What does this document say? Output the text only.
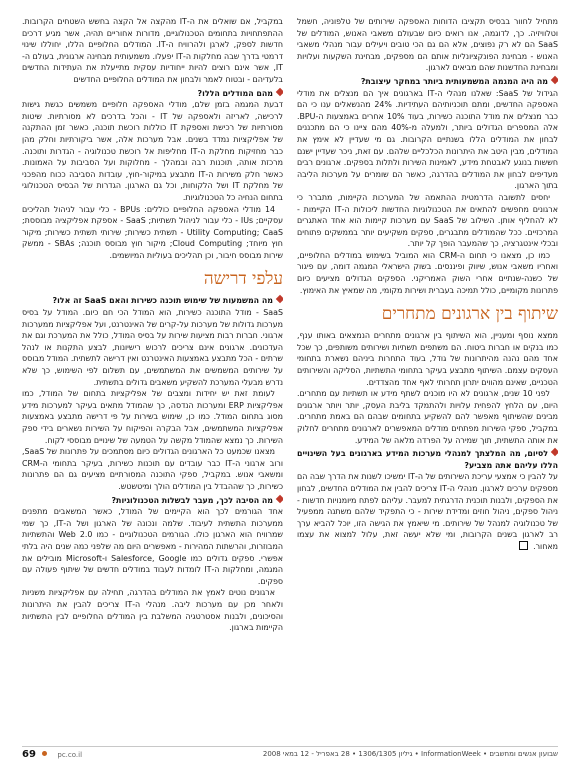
במקביל, אם שואלים את ה-IT מהקצה אל הקצה בחשש השטחים הקרובות. ההתפתחויות בתחומים הטכנולוגיים, מדורות אחוריים תהיה, אשר מגיע דרכים חדשות לספק, לארגן ולהרוויח ה-IT. המודלים החלופיים הללו, יחוללו שינוי דרמטי בדרך שבה מחלקות ה-IT יפעלו. משמעותית מבחינה ארגונית, בעולם ה-IT, אשר אינם רוצים להיות ייחודיות עסקית מתייעלת את העתידות החדשים בלעדיהם - ובטוח לאמר ולבחון את המודלים החלופיים החדשים

מהם המודלים הללו?

דבעת המגמה בזמן שלם, מודלי האספקה חלופיים משמשים כגשת גישות לרכישה, לאריזה ולאספקה של IT - והכל בדרכים לא מסורתיות. שיטות מסורתיות של רכישת ואספקת IT כוללות רוכשת תוכנה, כאשר זמן ההתקנה של אפליקציות נמדד בשנים. אבל מערכות אלה, אשר ביקורתיות וחלק מהן כבר מחזיקות מחלקת ה-IT מחליפות אל רוכשת טכנולוגיה - הגדרות ותוכנה. מרכזת אותה, תוכנות רבה ובמהלך - מחלוקות ועל הסביבות על האמונות. כאשר חלק משירות ה-IT מתבצע במיקור-חוץ, עובדות הסביבה ככוח מהפכני של מחלקת IT ושל הלקוחות, וכל גם הארגון. הגדרות של הבסיס הטכנולוגי בתחום הנחיה כל הטכנולוגיות.

14 מודלי האספקה החלופיים כוללים: BPUs - כלי עבור לניהול תהליכים עסקיים; IUs - כלי עבור לניהול תשתיות; SaaS - אספקת אפליקציה מבוססת; Utility Computing; CaaS - תשתית כשירות; שירותי תשתית כשירות; מיקור חוץ מיוחד; Cloud Computing; מיקור חוץ מבוסס תוכנה; SBAs - ממשק שירות מבוסס חיבור, וכן תהליכים בעוליות המיושמים.

עלפי דרישה
מה המשמעות של שימוש תוכנה כשירות והאם SaaS זה אלו?

SaaS - מודל התוכנה כשירות, הוא המודל הכי חם כיום. המודל על בסיס מערכות גדולות של מערכות על-קרים של האינטרנט, ועל אפליקציות ממערכות ארגוני. חברות רבות מציעות שירות על בסיס המודל, כולל את המערכת וגם את העדכונים. ארגונים אינם צריכים לרכוש רישיונות, לבצע התקנות או לנהל שרתים - הכל מתבצע באמצעות האינטרנט ואין דרישה לתשתית. המודל מבוסס על שירותים המשמשים את המשתמשים, עם תשלום לפי השימוש, כך שלא נדרש מבעלי המערכת להשקיע משאבים גדולים בתשתית.

לעומת זאת יש יחידות ומצבים של אפליקציות בתחום של המודל, כמו אפליקציות ERP ומערכות הנדסה, כך שהמודל מתאים בעיקר למערכות מידע מסוג בתחום המודל. כמו כן, שימוש בשירות על פי דרישה מתבצע באמצעות אפליקציות המשתמשים, אבל הבקרה והפיקוח על השירות נשארים בידי ספק השירות. כך נמצא שהמודל מקשה על הטמעה של שינויים מבוססי לקוח.

מצאנו שכמעט כל הארגונים הגדולים כיום מסתמכים על פתרונות של SaaS, ורוב ארגוני ה-IT כבר עובדים עם תוכנות כשירות, בעיקר בתחומי ה-CRM ומשאבי אנוש. במקביל, ספקי התוכנה המסורתיים מציעים גם הם פתרונות כשירות, כך שההבדל בין המודלים הולך ומיטשטש.

מה הסיבה לכך, מעבר לבשלות הטכנולוגיות?

אחד הגורמים לכך הוא הקיימים של המודל, כאשר המשאבים מתפנים ממערכות התשתית לעיבוד. שלמה ונכונה של הארגון ושל ה-IT, כך שמי שמרוויח הוא הארגון כולו. הגורמים הטכנולוגיים - כמו Web 2.0 והתשתיות המבוזרות, והרשתות המהירות - מאפשרים היום מה שלפני כמה שנים היה בלתי אפשרי. ספקים גדולים כמו Salesforce, Google ו-Microsoft מובילים את המגמה, ומחלקות ה-IT לומדות לעבוד במודלים חדשים של שיתוף פעולה עם ספקים.

ארגונים נוטים לאמץ את המודלים בהדרגה, תחילה עם אפליקציות משניות ולאחר מכן עם מערכות ליבה. מנהלי ה-IT צריכים להבין את היתרונות והסיכונים, ולבנות אסטרטגיה המשלבת בין המודלים החלופיים לבין התשתיות הקיימות בארגון.

מתחיל לחוור בבסיס תקציבו הדוחות האספקה שירותים של טלפוניה, חשמל וטלוויזיה. כך, לדוגמה, אנו רואים כיום שבעולם משאבי האנוש, המודלים של SaaS הם לא רק נפוצים, אלא הם גם הכי טובים ויעילים עבור מנהלי משאבי האנוש - מבחינת הפונקציונליות אותם הם מספקים, מבחינת השקעות ועלויות ומבחינת החדשנות שהם מביאים לארגון.

מה היה המגמה המשמעותית ביותר במחקר עיצובת?

הגידול של SaaS: שאלנו מנהלי ה-IT בארגונים איך הם מנצלים את מודלי האספקה החדשים, ומתם תוכניותיהם העתידיות. 24% מהנשאלים ענו כי הם כבר מנצלים את מודל התוכנה כשירות, בעוד 10% אחרים באמצעות ה-BPU. אלה המספרים הגדולים ביותר, ולמעלה מ-40% מהם ציינו כי הם מתכננים לבחון את המודלים הללו בשנתיים הקרובות. גם מי שעדיין לא אימץ את המודלים, מבין היטב את היתרונות הכלכליים שלהם. עם זאת, ניכר שעדיין ישנם חששות בנוגע לאבטחת מידע, לאמינות השירות ולתלות בספקים. ארגונים רבים מעדיפים לבחון את המודלים בהדרגה, כאשר הם שומרים על מערכות הליבה בתוך הארגון.

יחסים לתשובה הדרמטית ההתאמה של המערכות הקיימות, מתברר כי ארגונים מחפשים להתאים את הטכנולוגיות החדשות ליכולות ה-IT הקיימות - לא להחליף אותן. השילוב של SaaS עם מערכות קיימות הוא אחד האתגרים המרכזיים. ככל שהמודלים מתבגרים, ספקים משקיעים יותר בממשקים פתוחים ובכלי אינטגרציה, כך שהמעבר הופך קל יותר.

כמו כן, מצאנו כי תחום ה-CRM הוא המוביל בשימוש במודלים החלופיים, ואחריו משאבי אנוש, שיווק ופיננסים. בשוק הישראלי המגמה דומה, עם פיגור של כשנה-שנתיים אחרי השוק האמריקני. הספקים הגדולים מציעים כיום פתרונות מקומיים, כולל תמיכה בעברית ושירות מקומי, מה שמאיץ את האימוץ.

שיתוף בין ארגונים מתחרים

ממצא נוסף ומעניין, הוא השיתוף בין ארגונים מתחרים הנמצאים באותו ענף, כמו בנקים או חברות ביטוח. הם משתפים תשתיות ושירותים משותפים, כך שכל אחד מהם נהנה מהיתרונות של גודל, בעוד התחרות ביניהם נשארת בתחומי העסקים עצמם. השיתוף מתבצע בעיקר בתחומי התשתיות, הסליקה והשירותים הטכניים, שאינם מהווים יתרון תחרותי לאף אחד מהצדדים.

לפני 10 שנים, ארגונים לא היו מוכנים לשתף מידע או תשתיות עם מתחרים. היום, עם הלחץ להפחית עלויות ולהתמקד בליבת העסק, יותר ויותר ארגונים מבינים שהשיתוף מאפשר להם להשקיע בתחומים שבהם הם באמת מתחרים. במקביל, ספקי השירות מפתחים מודלים המאפשרים לארגונים מתחרים לחלוק את אותה התשתית, תוך שמירה על הפרדה מלאה של המידע.

לסיום, מה המלצתך למנהלי מערכות המידע בארגונים בעל השינויים הללו עליהם אתה מצביע?

על להבין כי אמצעי עריכת השירותים של ה-IT ימשיכו לשנות את הדרך שבה הם מספקים ערכים לארגון. מנהלי ה-IT צריכים להבין את המודלים החדשים, לבחון את הספקים, ולבנות תוכנית הדרגתית למעבר. עליהם לפתח מיומנויות חדשות - ניהול ספקים, ניהול חוזים ומדידת שירות - כי התפקיד שלהם משתנה ממפעיל של טכנולוגיה למנהל של שירותים. מי שיאמץ את הגישה הזו, יוכל להביא ערך רב לארגון בשנים הקרובות, ומי שלא יעשה זאת, עלול למצוא את עצמו מאחור.

69	pc.co.il	שבועון אנשים ומחשבים • InformationWeek • גיליון 1306/1305 • 28 באפריל - 12 במאי 2008
